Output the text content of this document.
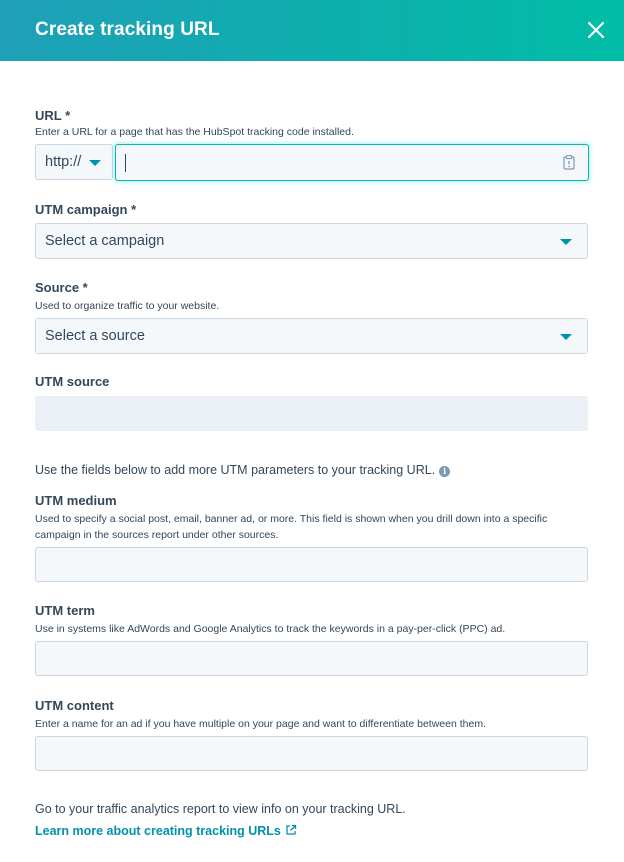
Create tracking URL
URL *
Enter a URL for a page that has the HubSpot tracking code installed.
http://
UTM campaign *
Select a campaign
Source *
Used to organize traffic to your website.
Select a source
UTM source
Use the fields below to add more UTM parameters to your tracking URL. i
UTM medium
Used to specify a social post, email, banner ad, or more. This field is shown when you drill down into a specific campaign in the sources report under other sources.
UTM term
Use in systems like AdWords and Google Analytics to track the keywords in a pay-per-click (PPC) ad.
UTM content
Enter a name for an ad if you have multiple on your page and want to differentiate between them.
Go to your traffic analytics report to view info on your tracking URL.
Learn more about creating tracking URLs
